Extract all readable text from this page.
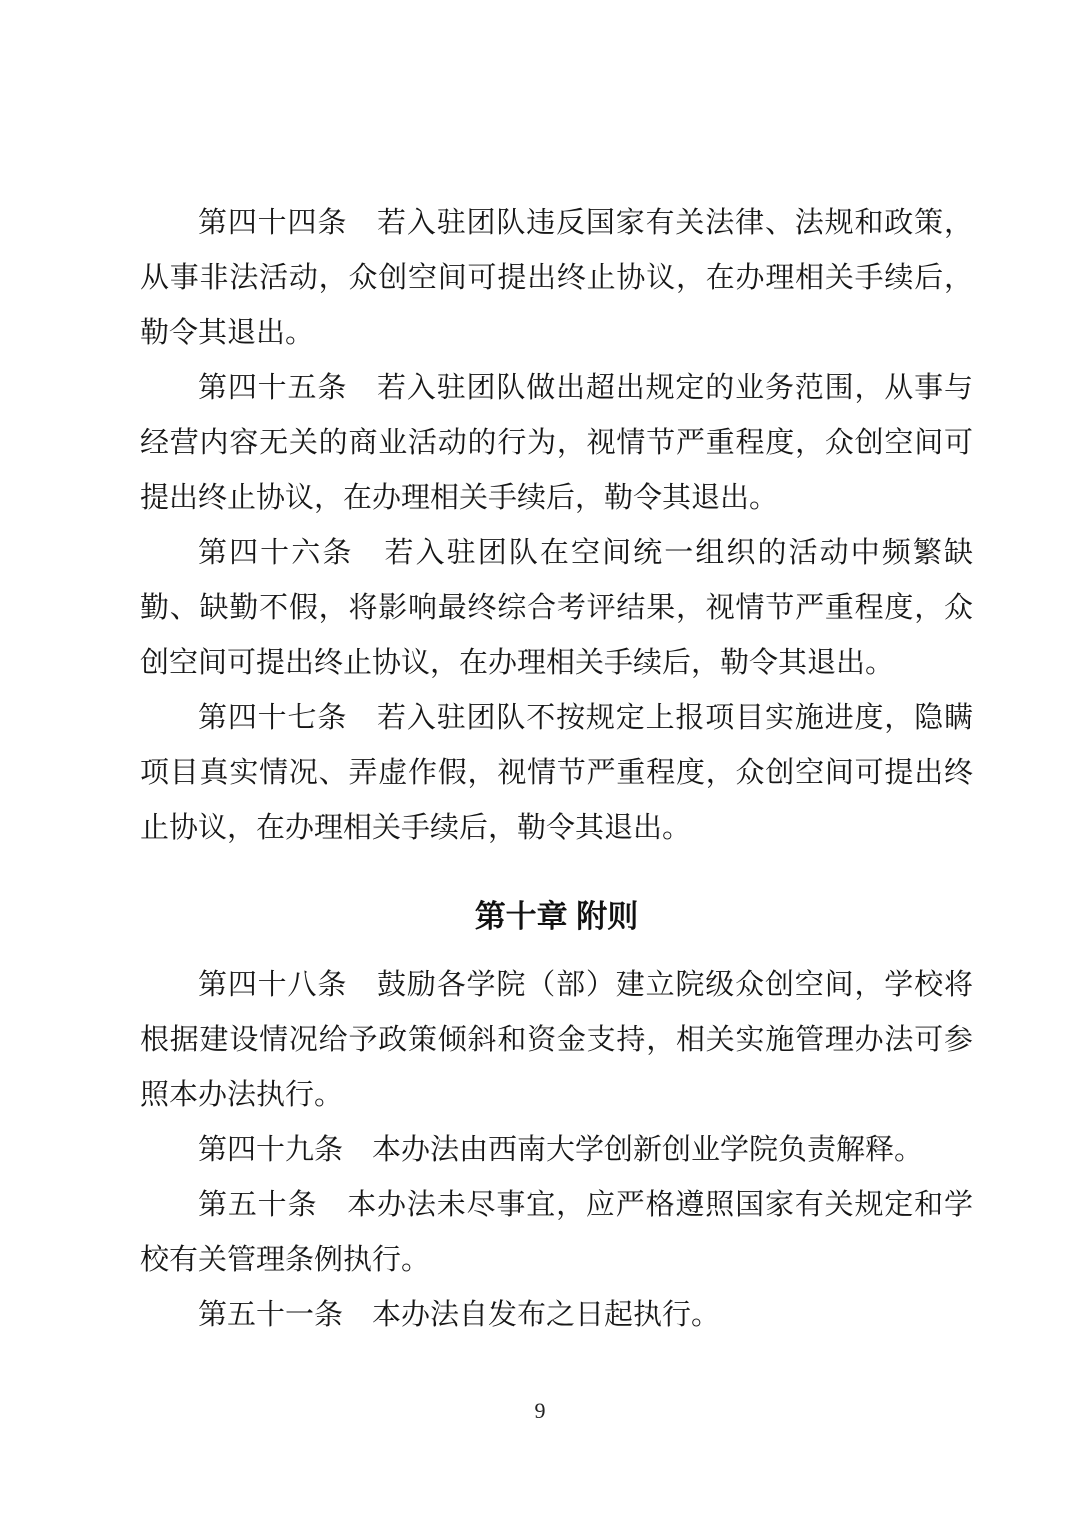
第四十四条　若入驻团队违反国家有关法律、法规和政策，从事非法活动，众创空间可提出终止协议，在办理相关手续后，勒令其退出。

第四十五条　若入驻团队做出超出规定的业务范围，从事与经营内容无关的商业活动的行为，视情节严重程度，众创空间可提出终止协议，在办理相关手续后，勒令其退出。

第四十六条　若入驻团队在空间统一组织的活动中频繁缺勤、缺勤不假，将影响最终综合考评结果，视情节严重程度，众创空间可提出终止协议，在办理相关手续后，勒令其退出。

第四十七条　若入驻团队不按规定上报项目实施进度，隐瞒项目真实情况、弄虚作假，视情节严重程度，众创空间可提出终止协议，在办理相关手续后，勒令其退出。

第十章 附则

第四十八条　鼓励各学院（部）建立院级众创空间，学校将根据建设情况给予政策倾斜和资金支持，相关实施管理办法可参照本办法执行。

第四十九条　本办法由西南大学创新创业学院负责解释。

第五十条　本办法未尽事宜，应严格遵照国家有关规定和学校有关管理条例执行。

第五十一条　本办法自发布之日起执行。

9
